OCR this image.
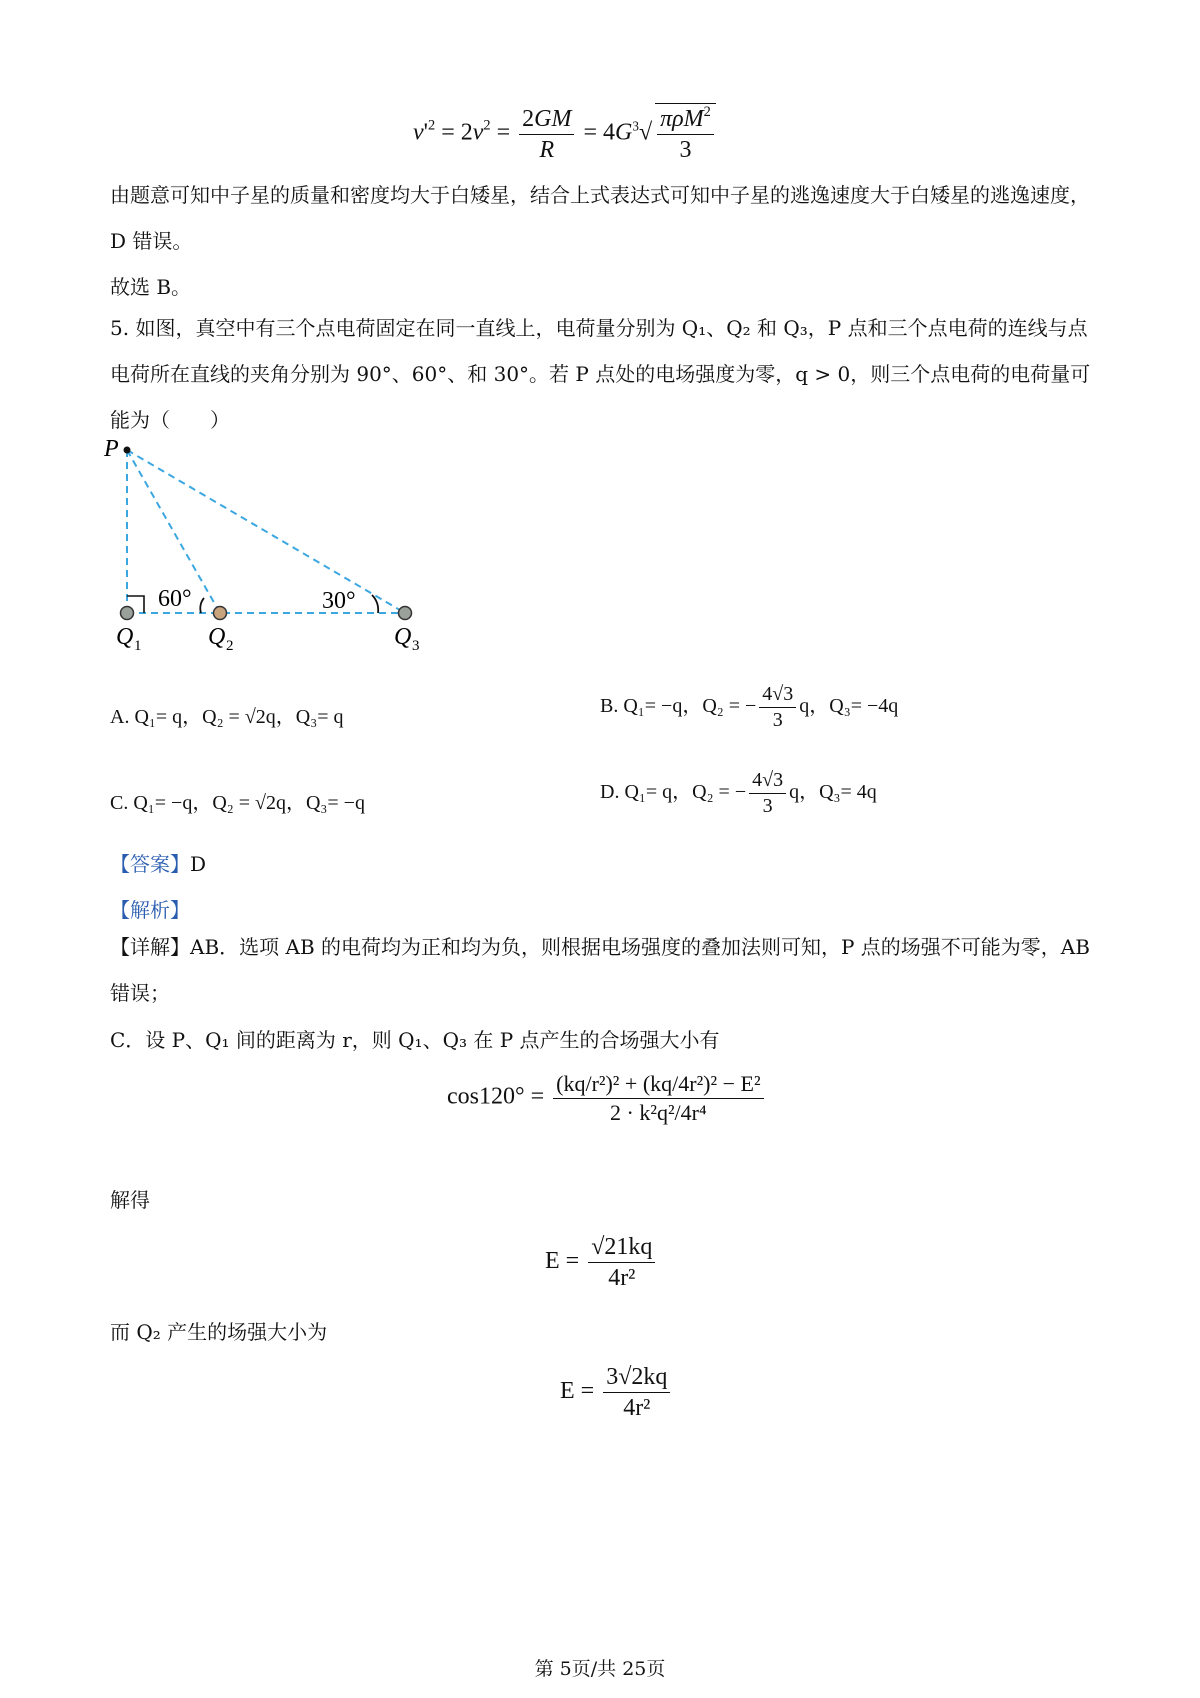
$v'^2 = 2v^2 = \frac{2GM}{R} = 4G^3√ \frac{\pi\rho M^2}{3}$
由题意可知中子星的质量和密度均大于白矮星，结合上式表达式可知中子星的逃逸速度大于白矮星的逃逸速度，D 错误。
故选 B。
5. 如图，真空中有三个点电荷固定在同一直线上，电荷量分别为 Q₁、Q₂ 和 Q₃，P 点和三个点电荷的连线与点电荷所在直线的夹角分别为 90°、60°、和 30°。若 P 点处的电场强度为零，q > 0，则三个点电荷的电荷量可能为（　　）
P
60°	30°
Q 1	Q 2	Q 3
A. Q₁= q，Q₂ = √2q，Q₃= q	B. Q₁= −q，Q₂ = − $\frac{4√3}{3}$ q，Q₃= −4q
C. Q₁= −q，Q₂ = √2q，Q₃= −q	D. Q₁= q，Q₂ = − $\frac{4√3}{3}$ q，Q₃= 4q
【答案】D
【解析】
【详解】AB．选项 AB 的电荷均为正和均为负，则根据电场强度的叠加法则可知，P 点的场强不可能为零，AB 错误；
C．设 P、Q₁ 间的距离为 r，则 Q₁、Q₃ 在 P 点产生的合场强大小有
$\cos 120^\circ = \frac{\text{(kq/r²)² + (kq/4r²)² − E²}}{\text{2 · k²q²/4r⁴}}$
解得
$E = \frac{√21kq}{\text{4r²}}$
而 Q₂ 产生的场强大小为
$E = \frac{3√2kq}{\text{4r²}}$
第 5页/共 25页
